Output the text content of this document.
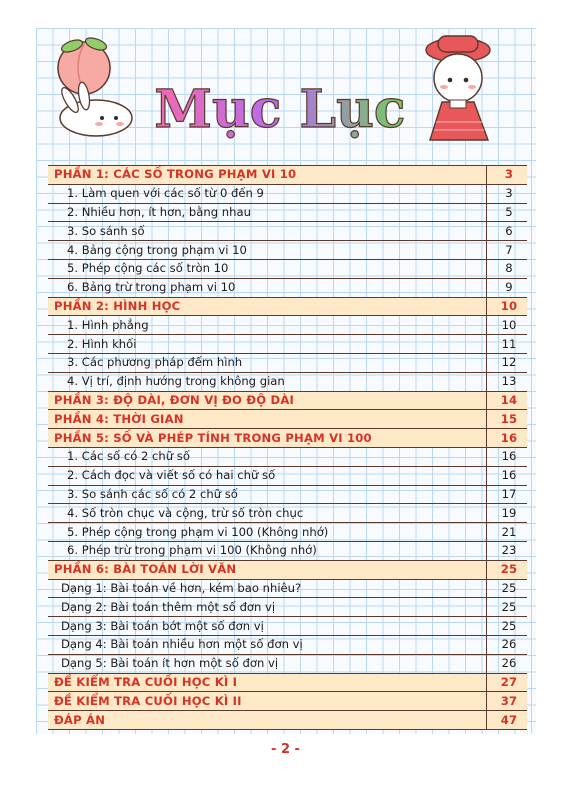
Mục Lục
PHẦN 1: CÁC SỐ TRONG PHẠM VI 10	3
1. Làm quen với các số từ 0 đến 9	3
2. Nhiều hơn, ít hơn, bằng nhau	5
3. So sánh số	6
4. Bảng cộng trong phạm vi 10	7
5. Phép cộng các số tròn 10	8
6. Bảng trừ trong phạm vi 10	9
PHẦN 2: HÌNH HỌC	10
1. Hình phẳng	10
2. Hình khối	11
3. Các phương pháp đếm hình	12
4. Vị trí, định hướng trong không gian	13
PHẦN 3: ĐỘ DÀI, ĐƠN VỊ ĐO ĐỘ DÀI	14
PHẦN 4: THỜI GIAN	15
PHẦN 5: SỐ VÀ PHÉP TÍNH TRONG PHẠM VI 100	16
1. Các số có 2 chữ số	16
2. Cách đọc và viết số có hai chữ số	16
3. So sánh các số có 2 chữ số	17
4. Số tròn chục và cộng, trừ số tròn chục	19
5. Phép cộng trong phạm vi 100 (Không nhớ)	21
6. Phép trừ trong phạm vi 100 (Không nhớ)	23
PHẦN 6: BÀI TOÁN LỜI VĂN	25
Dạng 1: Bài toán về hơn, kém bao nhiêu?	25
Dạng 2: Bài toán thêm một số đơn vị	25
Dạng 3: Bài toán bớt một số đơn vị	25
Dạng 4: Bài toán nhiều hơn một số đơn vị	26
Dạng 5: Bài toán ít hơn một số đơn vị	26
ĐỀ KIỂM TRA CUỐI HỌC KÌ I	27
ĐỀ KIỂM TRA CUỐI HỌC KÌ II	37
ĐÁP ÁN	47
- 2 -
